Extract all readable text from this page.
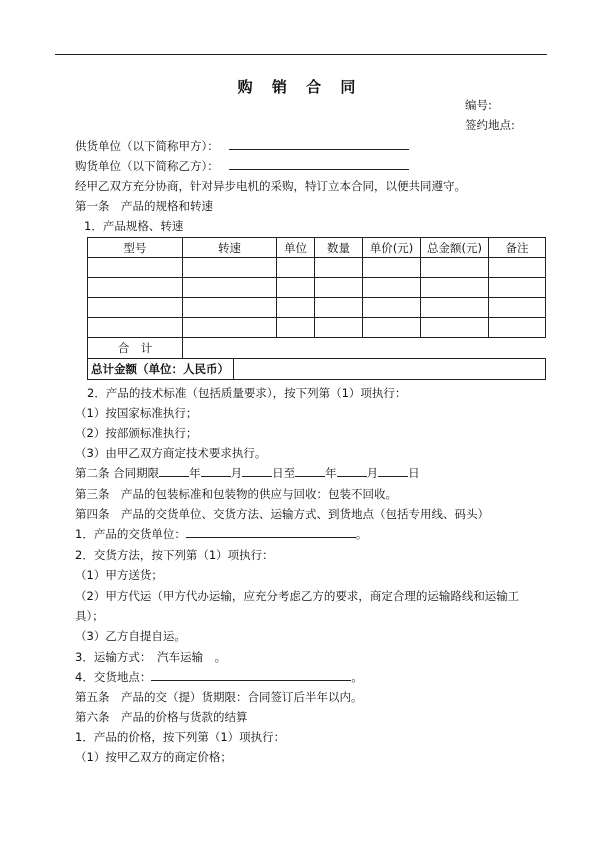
购 销 合 同
编号:
签约地点:
供货单位（以下简称甲方）：
购货单位（以下简称乙方）：
经甲乙双方充分协商，针对异步电机的采购，特订立本合同，以便共同遵守。
第一条　产品的规格和转速
1．产品规格、转速
型号	转速	单位	数量	单价(元)	总金额(元)	备注

合　计						
总计金额（单位：人民币）						
2．产品的技术标准（包括质量要求），按下列第（1）项执行：
（1）按国家标准执行；
（2）按部颁标准执行；
（3）由甲乙双方商定技术要求执行。
第二条 合同期限	年	月	日至	年	月	日
第三条　产品的包装标准和包装物的供应与回收：包装不回收。
第四条　产品的交货单位、交货方法、运输方式、到货地点（包括专用线、码头）
1．产品的交货单位：	。
2．交货方法，按下列第（1）项执行：
（1）甲方送货；
（2）甲方代运（甲方代办运输，应充分考虑乙方的要求，商定合理的运输路线和运输工
具）；
（3）乙方自提自运。
3．运输方式：　汽车运输　。
4．交货地点：	。
第五条　产品的交（提）货期限：合同签订后半年以内。
第六条　产品的价格与货款的结算
1．产品的价格，按下列第（1）项执行：
（1）按甲乙双方的商定价格；
